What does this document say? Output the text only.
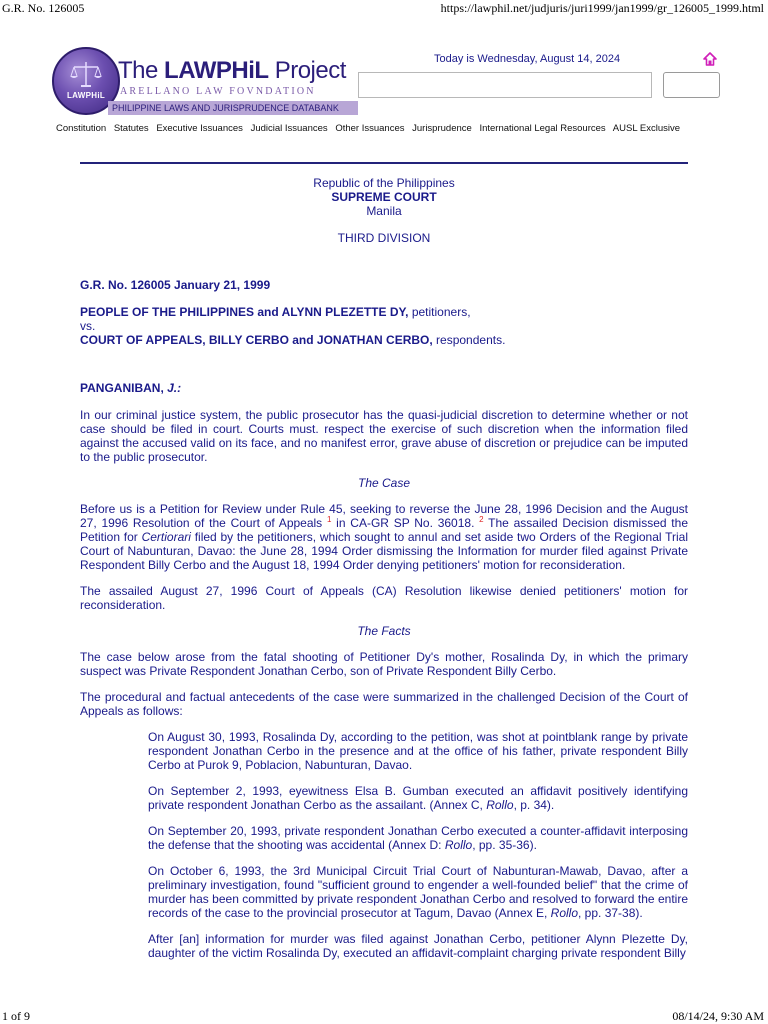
G.R. No. 126005	https://lawphil.net/judjuris/juri1999/jan1999/gr_126005_1999.html
LAWPHiL
The LAWPHiL Project
ARELLANO LAW FOVNDATION
PHILIPPINE LAWS AND JURISPRUDENCE DATABANK
Today is Wednesday, August 14, 2024
Constitution Statutes Executive Issuances Judicial Issuances Other Issuances Jurisprudence International Legal Resources AUSL Exclusive

Republic of the Philippines

SUPREME COURT

Manila

THIRD DIVISION

G.R. No. 126005 January 21, 1999

PEOPLE OF THE PHILIPPINES and ALYNN PLEZETTE DY, petitioners,

vs.

COURT OF APPEALS, BILLY CERBO and JONATHAN CERBO, respondents.

PANGANIBAN, J.:

In our criminal justice system, the public prosecutor has the quasi-judicial discretion to determine whether or not case should be filed in court. Courts must. respect the exercise of such discretion when the information filed against the accused valid on its face, and no manifest error, grave abuse of discretion or prejudice can be imputed to the public prosecutor.

The Case

Before us is a Petition for Review under Rule 45, seeking to reverse the June 28, 1996 Decision and the August 27, 1996 Resolution of the Court of Appeals $^1$ in CA-GR SP No. 36018. $^2$ The assailed Decision dismissed the Petition for Certiorari filed by the petitioners, which sought to annul and set aside two Orders of the Regional Trial Court of Nabunturan, Davao: the June 28, 1994 Order dismissing the Information for murder filed against Private Respondent Billy Cerbo and the August 18, 1994 Order denying petitioners' motion for reconsideration.

The assailed August 27, 1996 Court of Appeals (CA) Resolution likewise denied petitioners' motion for reconsideration.

The Facts

The case below arose from the fatal shooting of Petitioner Dy's mother, Rosalinda Dy, in which the primary suspect was Private Respondent Jonathan Cerbo, son of Private Respondent Billy Cerbo.

The procedural and factual antecedents of the case were summarized in the challenged Decision of the Court of Appeals as follows:

On August 30, 1993, Rosalinda Dy, according to the petition, was shot at pointblank range by private respondent Jonathan Cerbo in the presence and at the office of his father, private respondent Billy Cerbo at Purok 9, Poblacion, Nabunturan, Davao.

On September 2, 1993, eyewitness Elsa B. Gumban executed an affidavit positively identifying private respondent Jonathan Cerbo as the assailant. (Annex C, Rollo, p. 34).

On September 20, 1993, private respondent Jonathan Cerbo executed a counter-affidavit interposing the defense that the shooting was accidental (Annex D: Rollo, pp. 35-36).

On October 6, 1993, the 3rd Municipal Circuit Trial Court of Nabunturan-Mawab, Davao, after a preliminary investigation, found "sufficient ground to engender a well-founded belief" that the crime of murder has been committed by private respondent Jonathan Cerbo and resolved to forward the entire records of the case to the provincial prosecutor at Tagum, Davao (Annex E, Rollo, pp. 37-38).

After [an] information for murder was filed against Jonathan Cerbo, petitioner Alynn Plezette Dy, daughter of the victim Rosalinda Dy, executed an affidavit-complaint charging private respondent Billy

1 of 9	08/14/24, 9:30 AM
